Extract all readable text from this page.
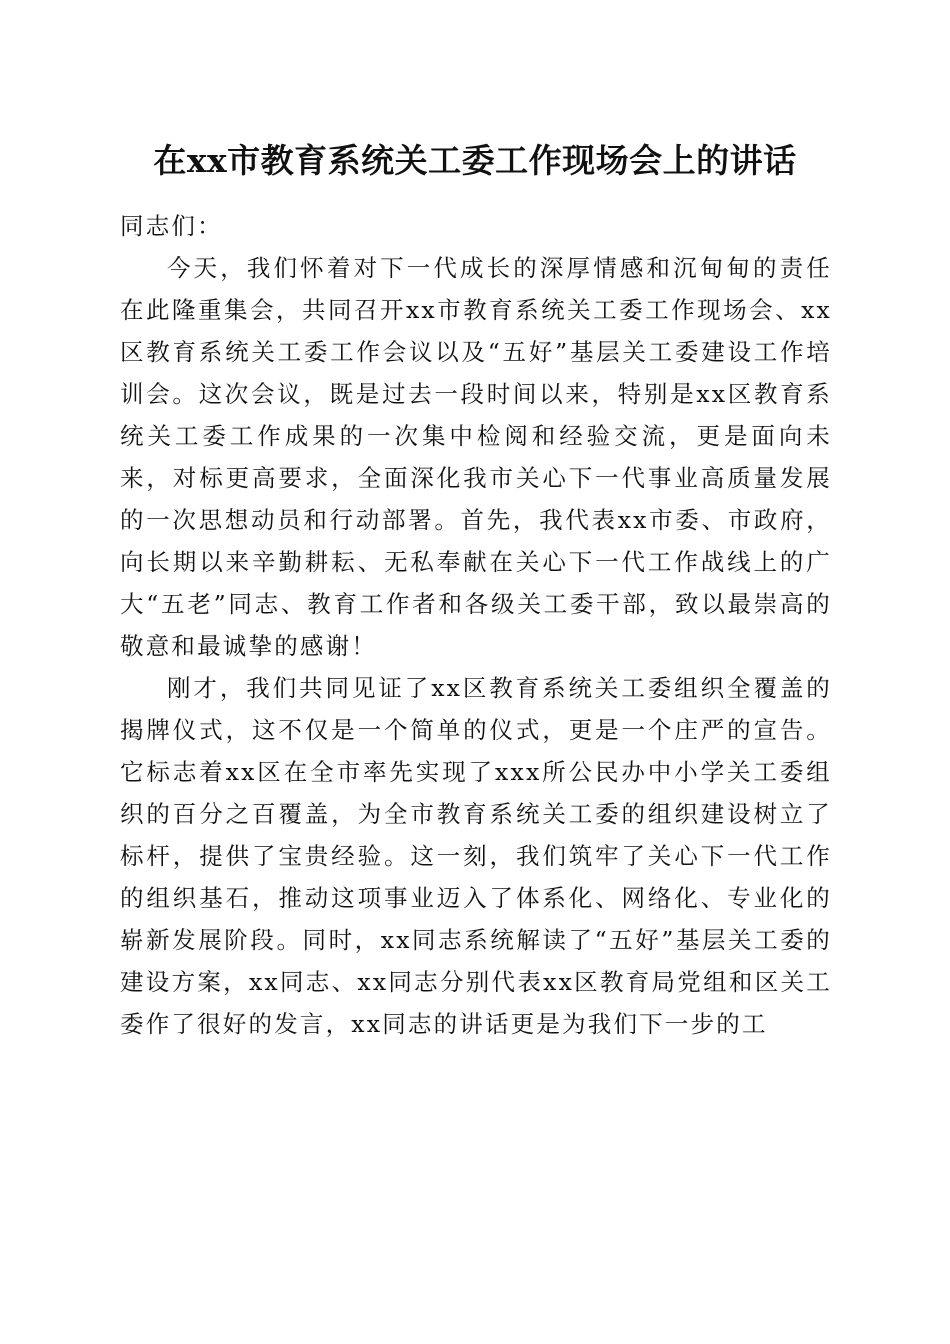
在xx市教育系统关工委工作现场会上的讲话

同志们：

今天，我们怀着对下一代成长的深厚情感和沉甸甸的责任在此隆重集会，共同召开xx市教育系统关工委工作现场会、xx区教育系统关工委工作会议以及“五好”基层关工委建设工作培训会。这次会议，既是过去一段时间以来，特别是xx区教育系统关工委工作成果的一次集中检阅和经验交流，更是面向未来，对标更高要求，全面深化我市关心下一代事业高质量发展的一次思想动员和行动部署。首先，我代表xx市委、市政府，向长期以来辛勤耕耘、无私奉献在关心下一代工作战线上的广大“五老”同志、教育工作者和各级关工委干部，致以最崇高的敬意和最诚挚的感谢！

刚才，我们共同见证了xx区教育系统关工委组织全覆盖的揭牌仪式，这不仅是一个简单的仪式，更是一个庄严的宣告。它标志着xx区在全市率先实现了xxx所公民办中小学关工委组织的百分之百覆盖，为全市教育系统关工委的组织建设树立了标杆，提供了宝贵经验。这一刻，我们筑牢了关心下一代工作的组织基石，推动这项事业迈入了体系化、网络化、专业化的崭新发展阶段。同时，xx同志系统解读了“五好”基层关工委的建设方案，xx同志、xx同志分别代表xx区教育局党组和区关工委作了很好的发言，xx同志的讲话更是为我们下一步的工
